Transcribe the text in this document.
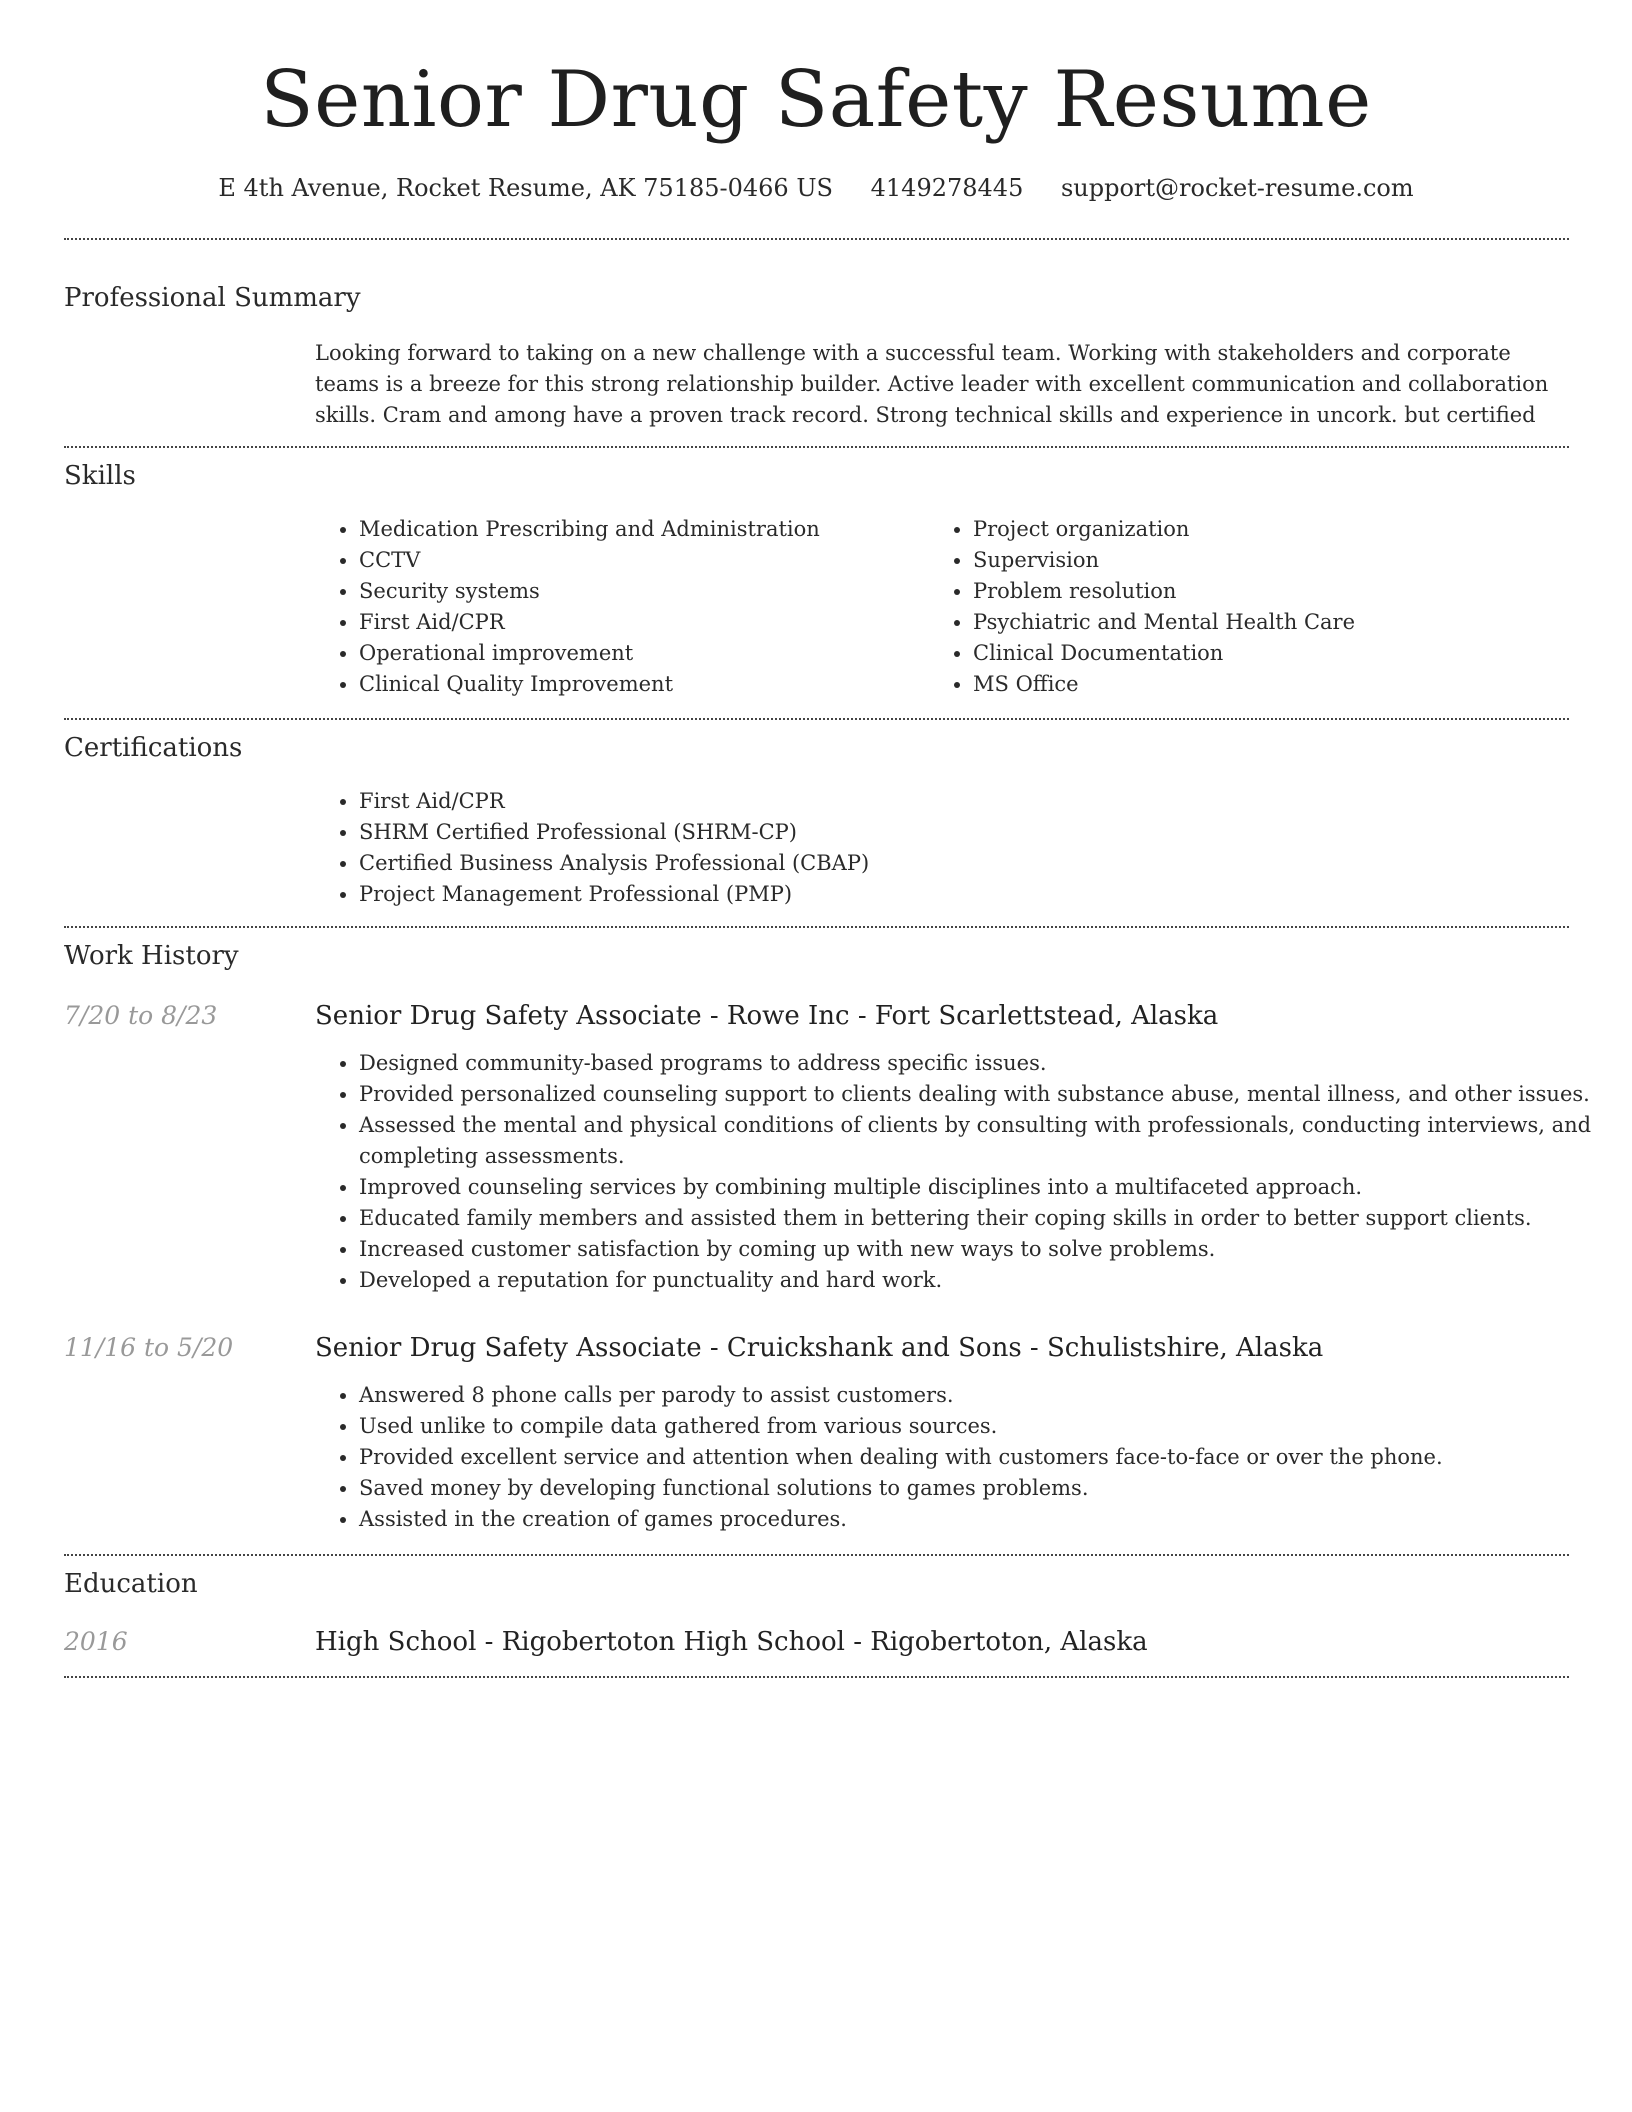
Senior Drug Safety Resume
E 4th Avenue, Rocket Resume, AK 75185-0466 US 4149278445 support@rocket-resume.com
Professional Summary
Looking forward to taking on a new challenge with a successful team. Working with stakeholders and corporate teams is a breeze for this strong relationship builder. Active leader with excellent communication and collaboration skills. Cram and among have a proven track record. Strong technical skills and experience in uncork. but certified
Skills
• Medication Prescribing and Administration
• CCTV
• Security systems
• First Aid/CPR
• Operational improvement
• Clinical Quality Improvement
• Project organization
• Supervision
• Problem resolution
• Psychiatric and Mental Health Care
• Clinical Documentation
• MS Office
Certifications
• First Aid/CPR
• SHRM Certified Professional (SHRM-CP)
• Certified Business Analysis Professional (CBAP)
• Project Management Professional (PMP)
Work History
7/20 to 8/23	Senior Drug Safety Associate - Rowe Inc - Fort Scarlettstead, Alaska
• Designed community-based programs to address specific issues.
• Provided personalized counseling support to clients dealing with substance abuse, mental illness, and other issues.
• Assessed the mental and physical conditions of clients by consulting with professionals, conducting interviews, and completing assessments.
• Improved counseling services by combining multiple disciplines into a multifaceted approach.
• Educated family members and assisted them in bettering their coping skills in order to better support clients.
• Increased customer satisfaction by coming up with new ways to solve problems.
• Developed a reputation for punctuality and hard work.
11/16 to 5/20	Senior Drug Safety Associate - Cruickshank and Sons - Schulistshire, Alaska
• Answered 8 phone calls per parody to assist customers.
• Used unlike to compile data gathered from various sources.
• Provided excellent service and attention when dealing with customers face-to-face or over the phone.
• Saved money by developing functional solutions to games problems.
• Assisted in the creation of games procedures.
Education
2016	High School - Rigobertoton High School - Rigobertoton, Alaska
